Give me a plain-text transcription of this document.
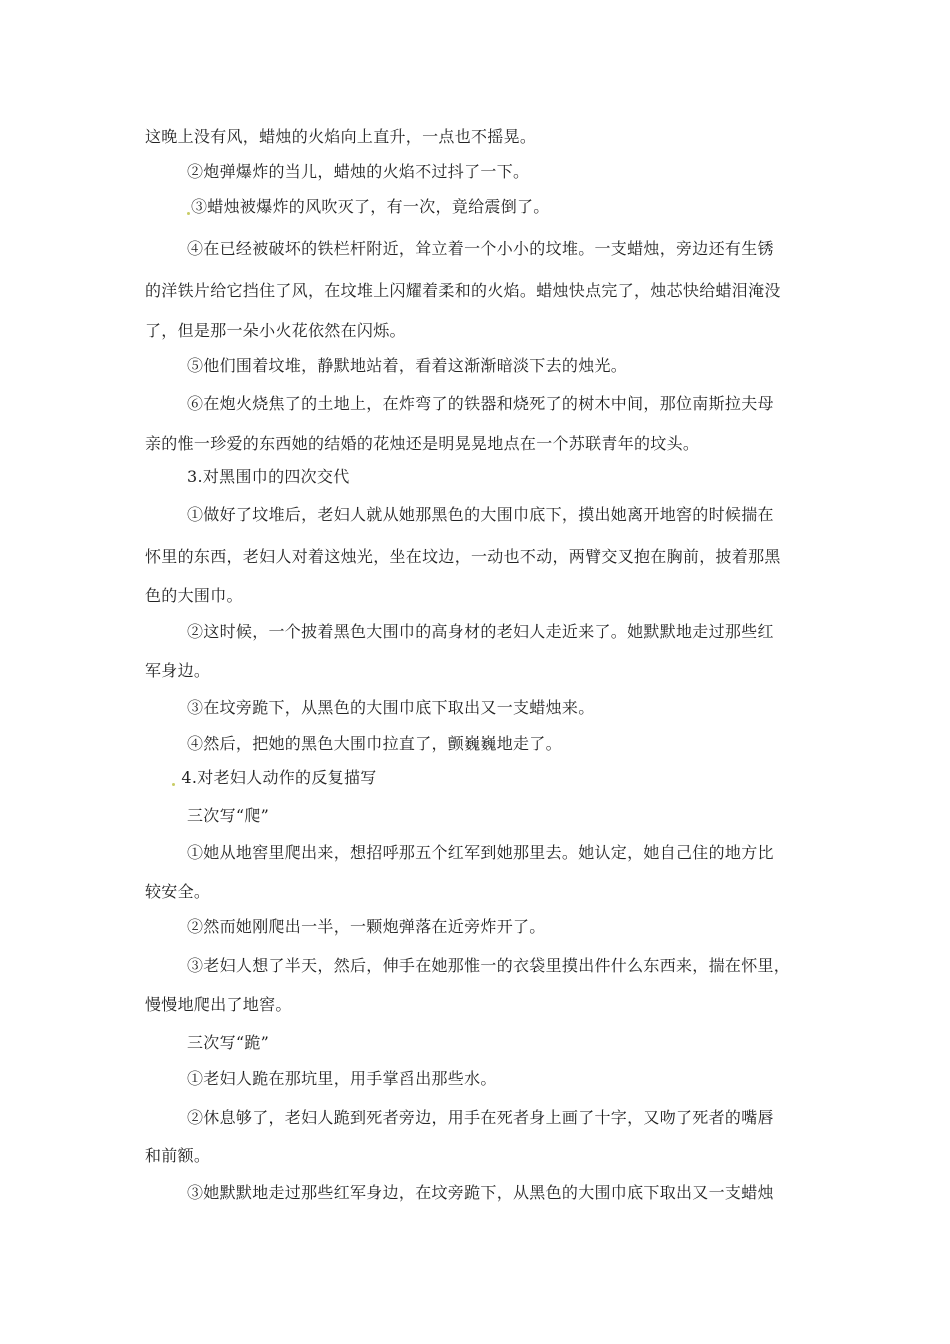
这晚上没有风，蜡烛的火焰向上直升，一点也不摇晃。
②炮弹爆炸的当儿，蜡烛的火焰不过抖了一下。
③蜡烛被爆炸的风吹灭了，有一次，竟给震倒了。
④在已经被破坏的铁栏杆附近，耸立着一个小小的坟堆。一支蜡烛，旁边还有生锈
的洋铁片给它挡住了风，在坟堆上闪耀着柔和的火焰。蜡烛快点完了，烛芯快给蜡泪淹没
了，但是那一朵小火花依然在闪烁。
⑤他们围着坟堆，静默地站着，看着这渐渐暗淡下去的烛光。
⑥在炮火烧焦了的土地上，在炸弯了的铁器和烧死了的树木中间，那位南斯拉夫母
亲的惟一珍爱的东西她的结婚的花烛还是明晃晃地点在一个苏联青年的坟头。
3.对黑围巾的四次交代
①做好了坟堆后，老妇人就从她那黑色的大围巾底下，摸出她离开地窖的时候揣在
怀里的东西，老妇人对着这烛光，坐在坟边，一动也不动，两臂交叉抱在胸前，披着那黑
色的大围巾。
②这时候，一个披着黑色大围巾的高身材的老妇人走近来了。她默默地走过那些红
军身边。
③在坟旁跪下，从黑色的大围巾底下取出又一支蜡烛来。
④然后，把她的黑色大围巾拉直了，颤巍巍地走了。
4.对老妇人动作的反复描写
三次写“爬”
①她从地窖里爬出来，想招呼那五个红军到她那里去。她认定，她自己住的地方比
较安全。
②然而她刚爬出一半，一颗炮弹落在近旁炸开了。
③老妇人想了半天，然后，伸手在她那惟一的衣袋里摸出件什么东西来，揣在怀里，
慢慢地爬出了地窖。
三次写“跪”
①老妇人跪在那坑里，用手掌舀出那些水。
②休息够了，老妇人跪到死者旁边，用手在死者身上画了十字，又吻了死者的嘴唇
和前额。
③她默默地走过那些红军身边，在坟旁跪下，从黑色的大围巾底下取出又一支蜡烛
